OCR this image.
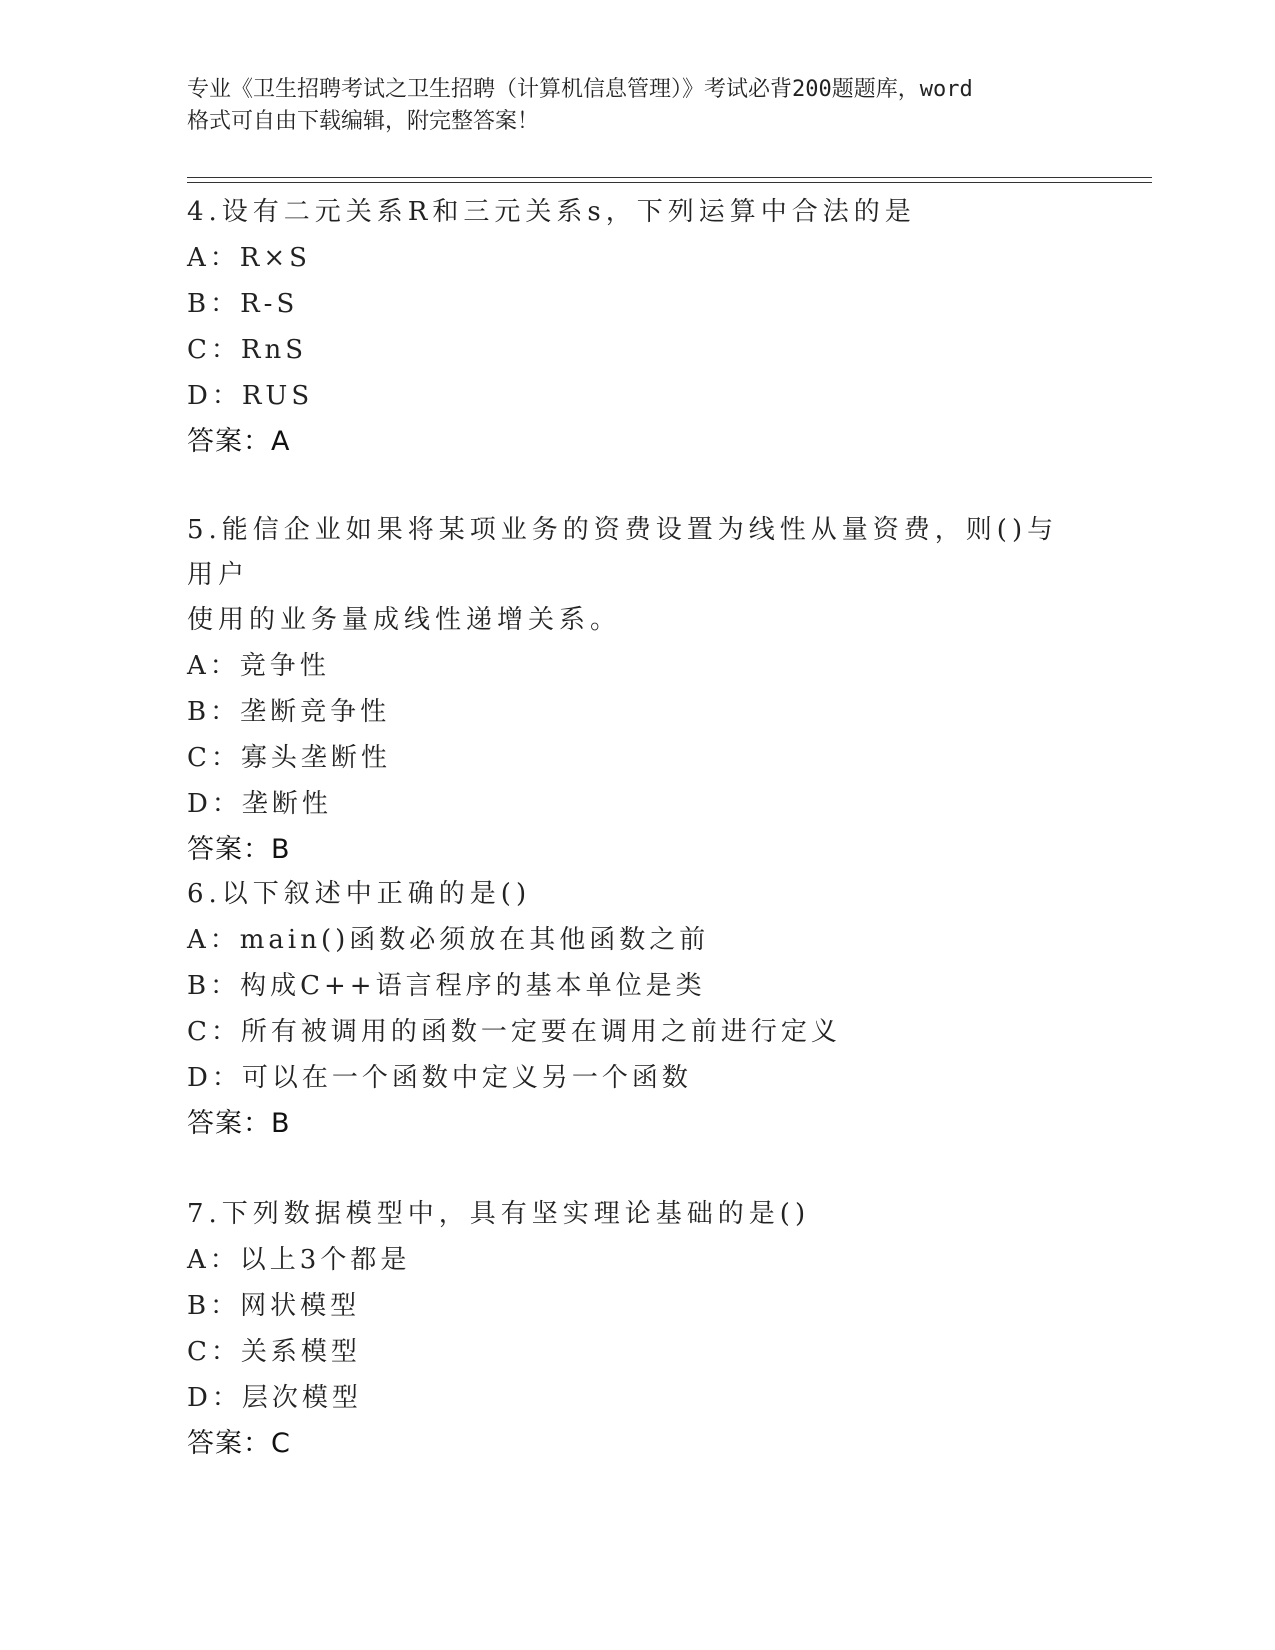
专业《卫生招聘考试之卫生招聘（计算机信息管理）》考试必背200题题库，word
格式可自由下载编辑，附完整答案！
4.设有二元关系R和三元关系s，下列运算中合法的是
A：R×S
B：R-S
C：RnS
D：RUS
答案：A
5.能信企业如果将某项业务的资费设置为线性从量资费，则()与用户
使用的业务量成线性递增关系。
A：竞争性
B：垄断竞争性
C：寡头垄断性
D：垄断性
答案：B
6.以下叙述中正确的是()
A：main()函数必须放在其他函数之前
B：构成C++语言程序的基本单位是类
C：所有被调用的函数一定要在调用之前进行定义
D：可以在一个函数中定义另一个函数
答案：B
7.下列数据模型中，具有坚实理论基础的是()
A：以上3个都是
B：网状模型
C：关系模型
D：层次模型
答案：C
